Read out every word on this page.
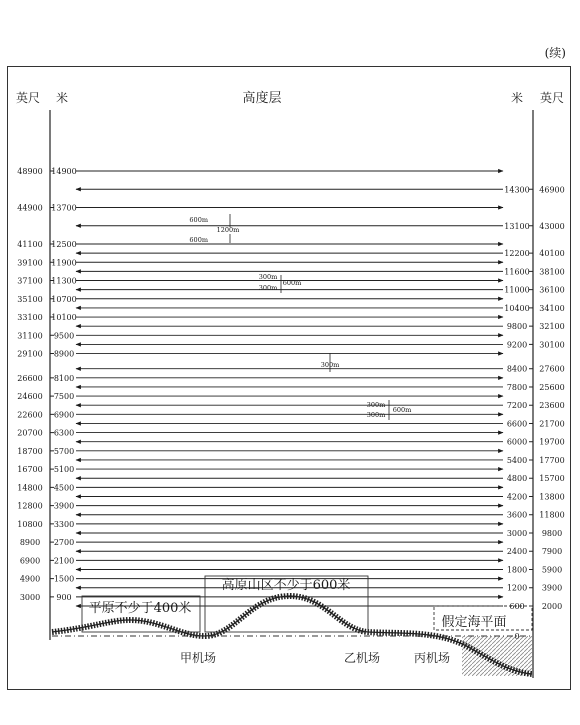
(续)
英尺 米	高度层	米 英尺
14900
48900
14300 46900
13700
44900
13100 43000
12500
41100
12200 40100
11900
39100
11600 38100
11300
37100
11000 36100
10700
35100
10400 34100
10100
33100
9800 32100
9500
31100
9200 30100
8900
29100
8400 27600
8100
26600
7800 25600
7500
24600
7200 23600
6900
22600
6600 21700
6300
20700
6000 19700
5700
18700
5400 17700
5100
16700
4800 15700
4500
14800
4200 13800
3900
12800
3600 11800
3300
10800
3000 9800
2700
8900
2400 7900
2100
6900
1800 5900
1500
4900
1200 3900
900
3000
600 2000
600m
1200m
600m
300m
600m
300m
300m
300m
600m
300m
高原山区不少于600米
平原不少于400米
假定海平面
甲机场	乙机场	丙机场
